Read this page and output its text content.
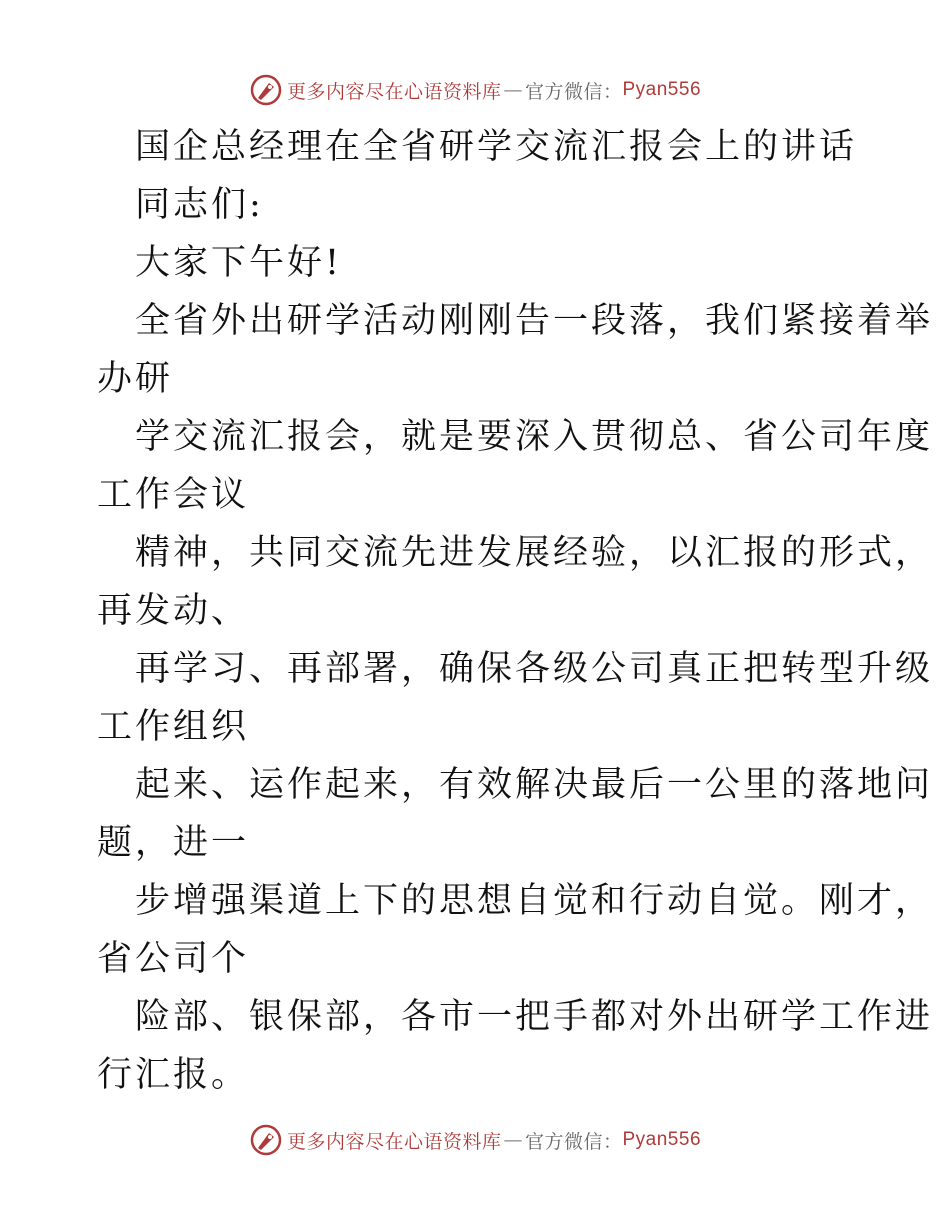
更多内容尽在心语资料库 — 官方微信： Pyan556
国企总经理在全省研学交流汇报会上的讲话
同志们:
大家下午好!
全省外出研学活动刚刚告一段落，我们紧接着举
办研
学交流汇报会，就是要深入贯彻总、省公司年度
工作会议
精神，共同交流先进发展经验，以汇报的形式，
再发动、
再学习、再部署，确保各级公司真正把转型升级
工作组织
起来、运作起来，有效解决最后一公里的落地问
题，进一
步增强渠道上下的思想自觉和行动自觉。刚才，
省公司个
险部、银保部，各市一把手都对外出研学工作进
行汇报。
更多内容尽在心语资料库 — 官方微信： Pyan556
